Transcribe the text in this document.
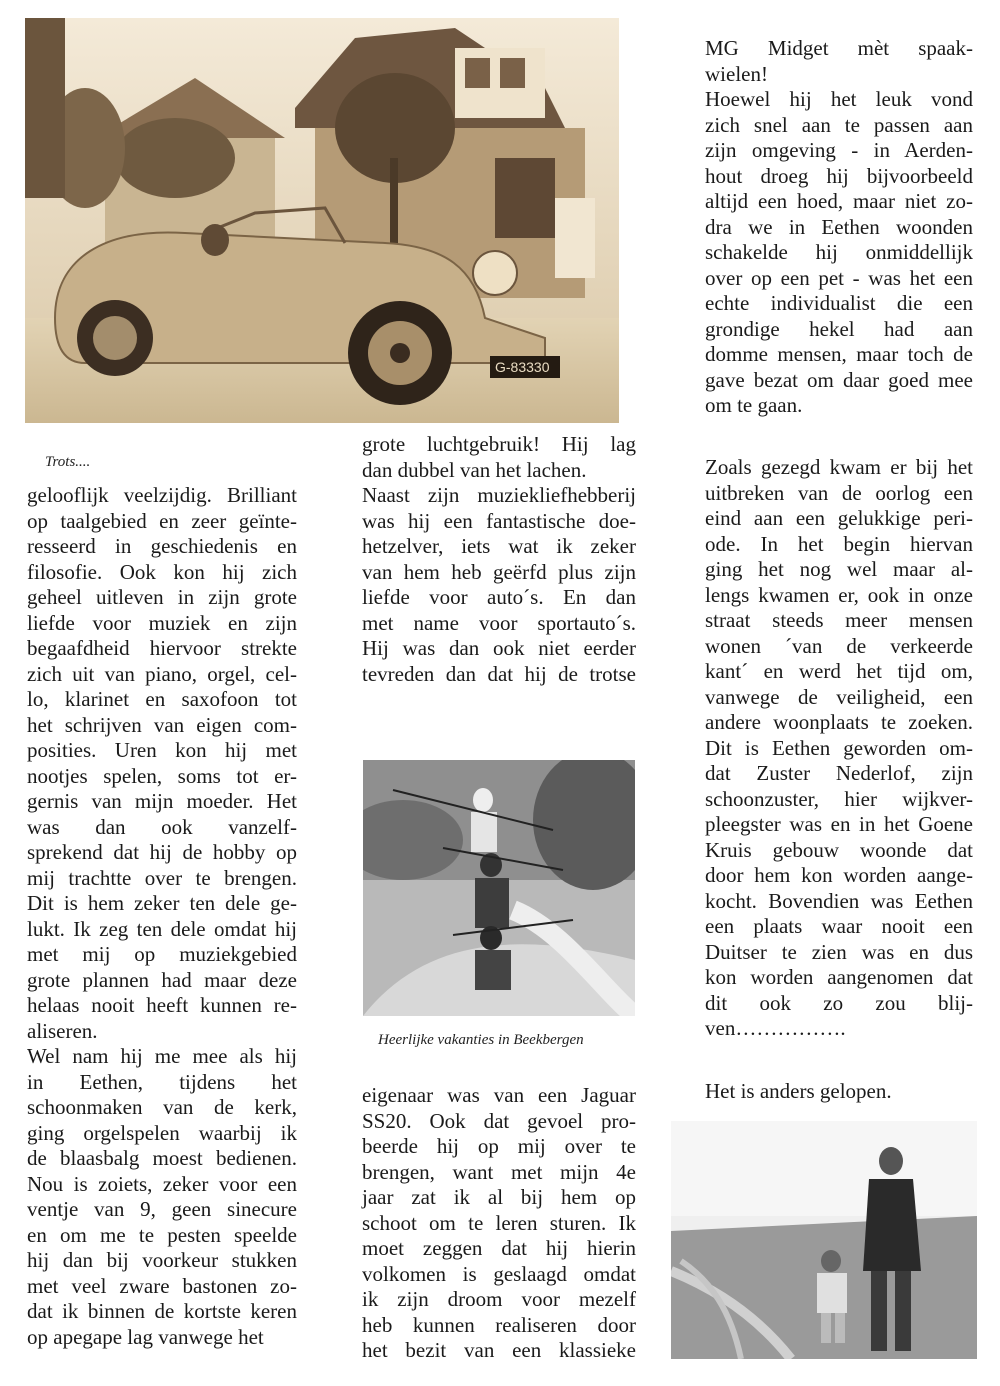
G-83330
Trots....

gelooflijk veelzijdig. Brilliant

op taalgebied en zeer geïnte-

resseerd in geschiedenis en

filosofie. Ook kon hij zich

geheel uitleven in zijn grote

liefde voor muziek en zijn

begaafdheid hiervoor strekte

zich uit van piano, orgel, cel-

lo, klarinet en saxofoon tot

het schrijven van eigen com-

posities. Uren kon hij met

nootjes spelen, soms tot er-

gernis van mijn moeder. Het

was dan ook vanzelf-

sprekend dat hij de hobby op

mij trachtte over te brengen.

Dit is hem zeker ten dele ge-

lukt. Ik zeg ten dele omdat hij

met mij op muziekgebied

grote plannen had maar deze

helaas nooit heeft kunnen re-

aliseren.

Wel nam hij me mee als hij

in Eethen, tijdens het

schoonmaken van de kerk,

ging orgelspelen waarbij ik

de blaasbalg moest bedienen.

Nou is zoiets, zeker voor een

ventje van 9, geen sinecure

en om me te pesten speelde

hij dan bij voorkeur stukken

met veel zware bastonen zo-

dat ik binnen de kortste keren

op apegape lag vanwege het

grote luchtgebruik! Hij lag

dan dubbel van het lachen.

Naast zijn muziekliefhebberij

was hij een fantastische doe-

hetzelver, iets wat ik zeker

van hem heb geërfd plus zijn

liefde voor auto´s. En dan

met name voor sportauto´s.

Hij was dan ook niet eerder

tevreden dan dat hij de trotse

Heerlijke vakanties in Beekbergen

eigenaar was van een Jaguar

SS20. Ook dat gevoel pro-

beerde hij op mij over te

brengen, want met mijn 4e

jaar zat ik al bij hem op

schoot om te leren sturen. Ik

moet zeggen dat hij hierin

volkomen is geslaagd omdat

ik zijn droom voor mezelf

heb kunnen realiseren door

het bezit van een klassieke

MG Midget mèt spaak-

wielen!

Hoewel hij het leuk vond

zich snel aan te passen aan

zijn omgeving - in Aerden-

hout droeg hij bijvoorbeeld

altijd een hoed, maar niet zo-

dra we in Eethen woonden

schakelde hij onmiddellijk

over op een pet - was het een

echte individualist die een

grondige hekel had aan

domme mensen, maar toch de

gave bezat om daar goed mee

om te gaan.

Zoals gezegd kwam er bij het

uitbreken van de oorlog een

eind aan een gelukkige peri-

ode. In het begin hiervan

ging het nog wel maar al-

lengs kwamen er, ook in onze

straat steeds meer mensen

wonen ´van de verkeerde

kant´ en werd het tijd om,

vanwege de veiligheid, een

andere woonplaats te zoeken.

Dit is Eethen geworden om-

dat Zuster Nederlof, zijn

schoonzuster, hier wijkver-

pleegster was en in het Goene

Kruis gebouw woonde dat

door hem kon worden aange-

kocht. Bovendien was Eethen

een plaats waar nooit een

Duitser te zien was en dus

kon worden aangenomen dat

dit ook zo zou blij-

ven…………….

Het is anders gelopen.
